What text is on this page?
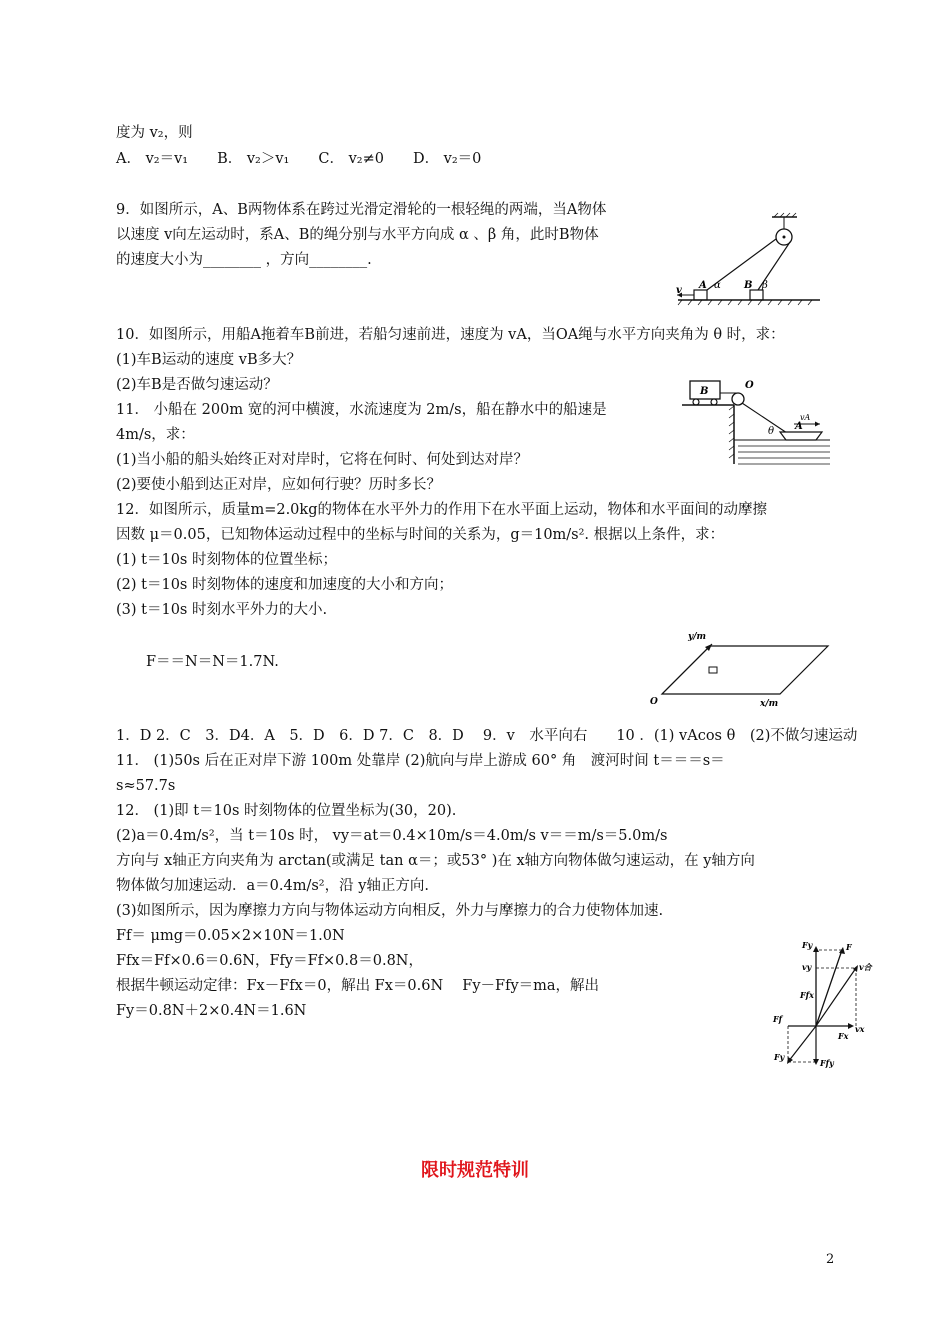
度为 v₂，则
A． v₂＝v₁　　B． v₂＞v₁　　C． v₂≠0　　D． v₂＝0
9．如图所示，A、B两物体系在跨过光滑定滑轮的一根轻绳的两端，当A物体
以速度 v向左运动时，系A、B的绳分别与水平方向成 α 、β 角，此时B物体
的速度大小为________ ，方向________.
10．如图所示，用船A拖着车B前进，若船匀速前进，速度为 vA，当OA绳与水平方向夹角为 θ 时，求：
(1)车B运动的速度 vB多大？
(2)车B是否做匀速运动？
11． 小船在 200m 宽的河中横渡，水流速度为 2m/s，船在静水中的船速是
4m/s，求：
(1)当小船的船头始终正对对岸时，它将在何时、何处到达对岸？
(2)要使小船到达正对岸，应如何行驶？历时多长？
12．如图所示，质量m=2.0kg的物体在水平外力的作用下在水平面上运动，物体和水平面间的动摩擦
因数 μ＝0.05，已知物体运动过程中的坐标与时间的关系为，g＝10m/s². 根据以上条件，求：
(1) t＝10s 时刻物体的位置坐标；
(2) t＝10s 时刻物体的速度和加速度的大小和方向；
(3) t＝10s 时刻水平外力的大小.
F＝＝N＝N＝1.7N.
1．D 2．C　3．D4．A　5．D　6．D 7．C　8．D　 9．v　水平向右　　10 ．(1) vAcos θ　(2)不做匀速运动
11． (1)50s 后在正对岸下游 100m 处靠岸 (2)航向与岸上游成 60° 角　渡河时间 t＝＝＝s＝
s≈57.7s
12． (1)即 t＝10s 时刻物体的位置坐标为(30，20).
(2)a＝0.4m/s²，当 t＝10s 时， vy＝at＝0.4×10m/s＝4.0m/s v＝＝m/s＝5.0m/s
方向与 x轴正方向夹角为 arctan(或满足 tan α＝；或53° )在 x轴方向物体做匀速运动，在 y轴方向
物体做匀加速运动．a＝0.4m/s²，沿 y轴正方向.
(3)如图所示，因为摩擦力方向与物体运动方向相反，外力与摩擦力的合力使物体加速.
Ff＝ μmg＝0.05×2×10N＝1.0N
Ffx＝Ff×0.6＝0.6N，Ffy＝Ff×0.8＝0.8N，
根据牛顿运动定律：Fx－Ffx＝0，解出 Fx＝0.6N　 Fy－Ffy＝ma，解出
Fy＝0.8N＋2×0.4N＝1.6N
v A α B β
B
O
vA
A
θ
y/m
x/m
O
Fy	F
vy	v合
Ffx
Ff
vx
Fx
Fy
Ffy
限时规范特训
2
